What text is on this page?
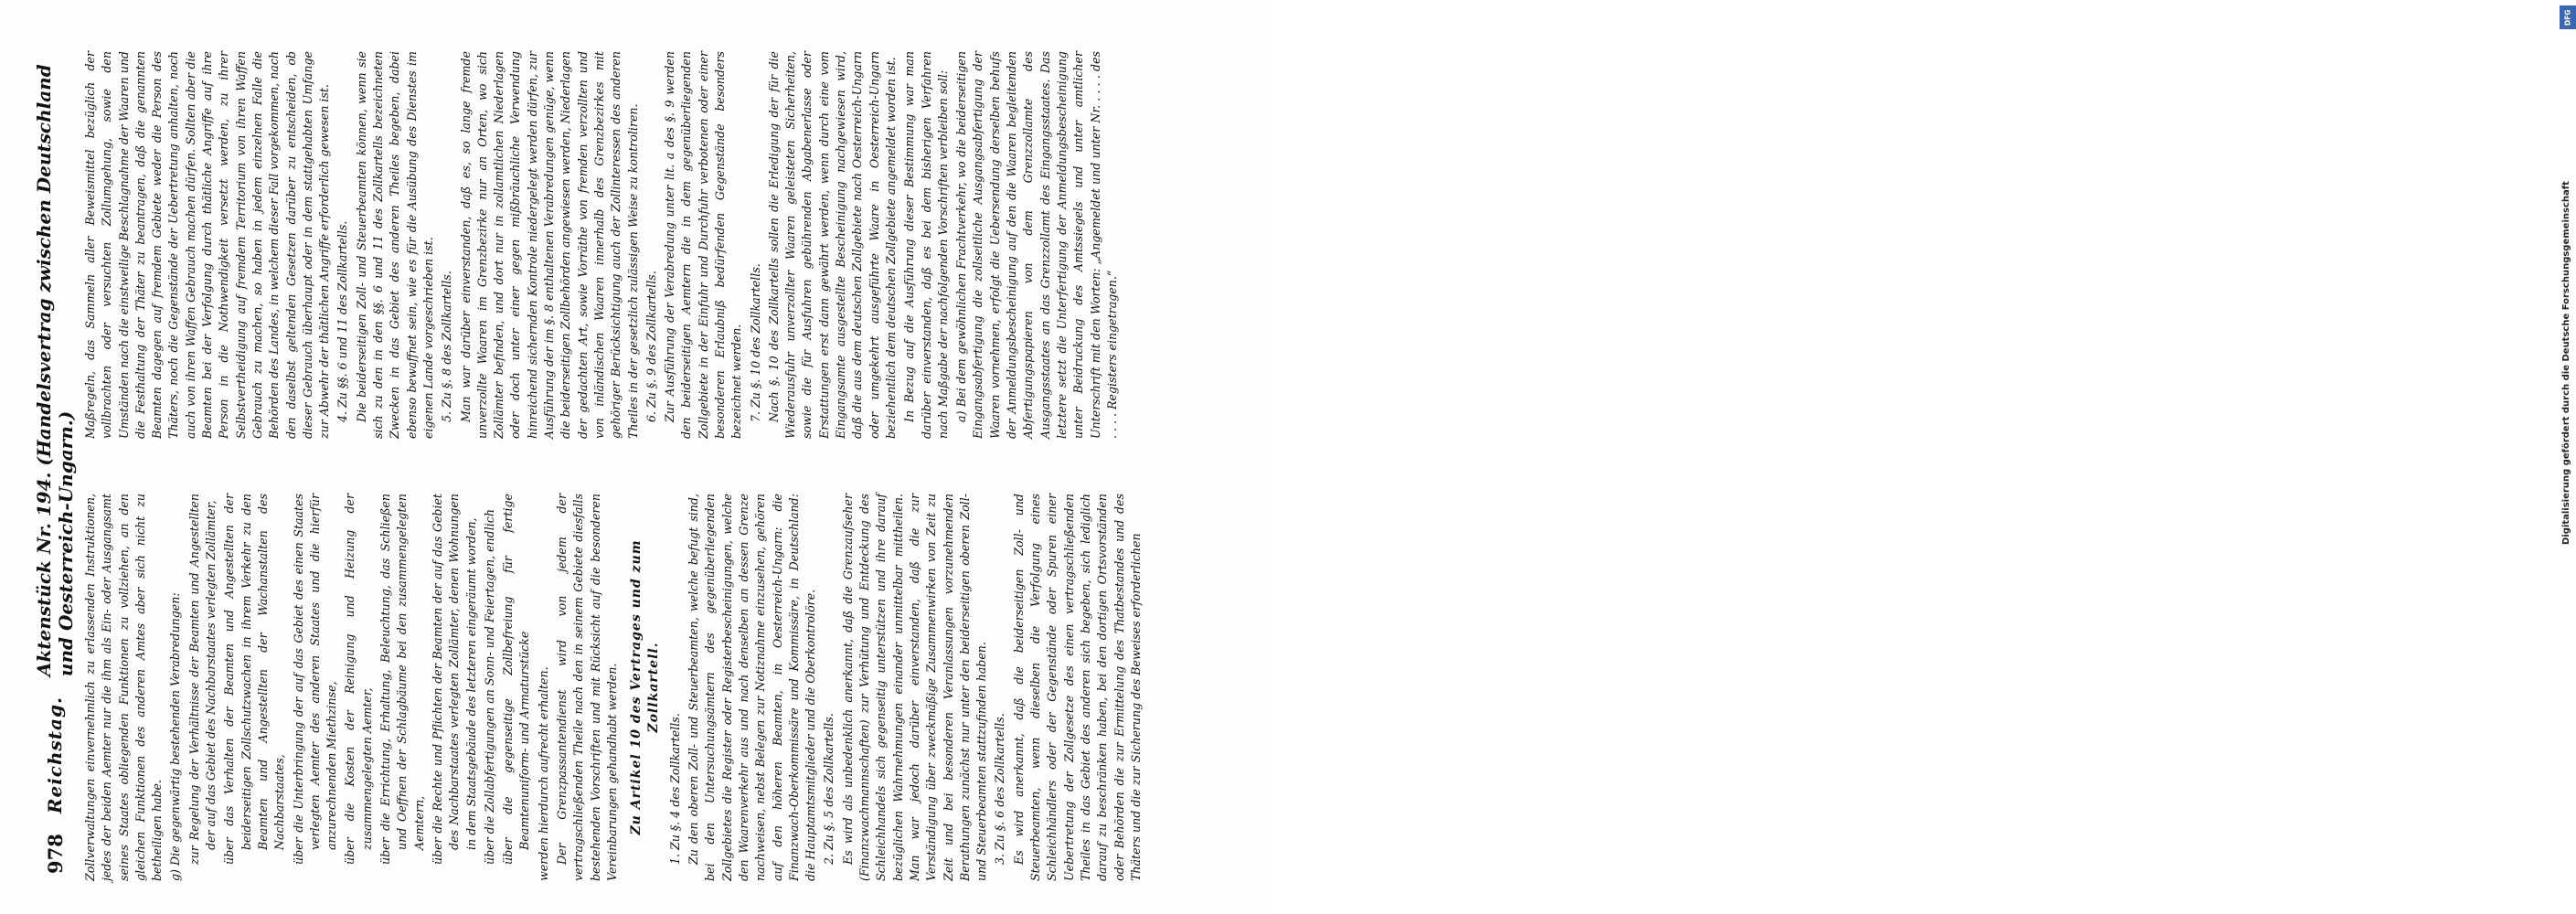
978
Reichstag.
Aktenstück Nr. 194. (Handelsvertrag zwischen Deutschland und Oesterreich-Ungarn.) Zollverwaltungen einvernehmlich zu erlassenden Instruktionen, jedes der beiden Aemter nur die ihm als Ein- oder Ausgangsamt seines Staates obliegenden Funktionen zu vollziehen, an den gleichen Funktionen des anderen Amtes aber sich nicht zu betheiligen habe. g) Die gegenwärtig bestehenden Verabredungen: zur Regelung der Verhältnisse der Beamten und Angestellten der auf das Gebiet des Nachbarstaates verlegten Zollämter, über das Verhalten der Beamten und Angestellten der beiderseitigen Zollschutzwachen in ihrem Verkehr zu den Beamten und Angestellten der Wachanstalten des Nachbarstaates, über die Unterbringung der auf das Gebiet des einen Staates verlegten Aemter des anderen Staates und die hierfür anzurechnenden Miethzinse, über die Kosten der Reinigung und Heizung der zusammengelegten Aemter, über die Errichtung, Erhaltung, Beleuchtung, das Schließen und Oeffnen der Schlagbäume bei den zusammengelegten Aemtern, über die Rechte und Pflichten der Beamten der auf das Gebiet des Nachbarstaates verlegten Zollämter, denen Wohnungen in dem Staatsgebäude des letzteren eingeräumt worden, über die Zollabfertigungen an Sonn- und Feiertagen, endlich über die gegenseitige Zollbefreiung für fertige Beamtenuniform- und Armaturstücke werden hierdurch aufrecht erhalten. Der Grenzpassantendienst wird von jedem der vertragschließenden Theile nach den in seinem Gebiete diesfalls bestehenden Vorschriften und mit Rücksicht auf die besonderen Vereinbarungen gehandhabt werden. Zu Artikel 10 des Vertrages und zum Zollkartell.

1. Zu §. 4 des Zollkartells. Zu den oberen Zoll- und Steuerbeamten, welche befugt sind, bei den Untersuchungsämtern des gegenüberliegenden Zollgebietes die Register oder Registerbescheinigungen, welche den Waarenverkehr aus und nach denselben an dessen Grenze nachweisen, nebst Belegen zur Notiznahme einzusehen, gehören auf den höheren Beamten, in Oesterreich-Ungarn: die Finanzwach-Oberkommissäre und Kommissäre, in Deutschland: die Hauptamtsmitglieder und die Oberkontrolöre. 2. Zu §. 5 des Zollkartells. Es wird als unbedenklich anerkannt, daß die Grenzaufseher (Finanzwachmannschaften) zur Verhütung und Entdeckung des Schleichhandels sich gegenseitig unterstützen und ihre darauf bezüglichen Wahrnehmungen einander unmittelbar mittheilen. Man war jedoch darüber einverstanden, daß die zur Verständigung über zweckmäßige Zusammenwirken von Zeit zu Zeit und bei besonderen Veranlassungen vorzunehmenden Berathungen zunächst nur unter den beiderseitigen oberen Zoll- und Steuerbeamten stattzufinden haben. 3. Zu §. 6 des Zollkartells. Es wird anerkannt, daß die beiderseitigen Zoll- und Steuerbeamten, wenn dieselben die Verfolgung eines Schleichhändlers oder der Gegenstände oder Spuren einer Uebertretung der Zollgesetze des einen vertragschließenden Theiles in das Gebiet des anderen sich begeben, sich lediglich darauf zu beschränken haben, bei den dortigen Ortsvorständen oder Behörden die zur Ermittelung des Thatbestandes und des Thäters und die zur Sicherung des Beweises erforderlichen

Maßregeln, das Sammeln aller Beweismittel bezüglich der vollbrachten oder versuchten Zollumgehung, sowie den Umständen nach die einstweilige Beschlagnahme der Waaren und die Festhaltung der Thäter zu beantragen, daß die genannten Beamten dagegen auf fremdem Gebiete weder die Person des Thäters, noch die Gegenstände der Uebertretung anhalten, noch auch von ihren Waffen Gebrauch machen dürfen. Sollten aber die Beamten bei der Verfolgung durch thätliche Angriffe auf ihre Person in die Nothwendigkeit versetzt werden, zu ihrer Selbstvertheidigung auf fremdem Territorium von ihren Waffen Gebrauch zu machen, so haben in jedem einzelnen Falle die Behörden des Landes, in welchem dieser Fall vorgekommen, nach den daselbst geltenden Gesetzen darüber zu entscheiden, ob dieser Gebrauch überhaupt oder in dem stattgehabten Umfange zur Abwehr der thätlichen Angriffe erforderlich gewesen ist. 4. Zu §§. 6 und 11 des Zollkartells. Die beiderseitigen Zoll- und Steuerbeamten können, wenn sie sich zu den in den §§. 6 und 11 des Zollkartells bezeichneten Zwecken in das Gebiet des anderen Theiles begeben, dabei ebenso bewaffnet sein, wie es für die Ausübung des Dienstes im eigenen Lande vorgeschrieben ist. 5. Zu §. 8 des Zollkartells. Man war darüber einverstanden, daß es, so lange fremde unverzollte Waaren im Grenzbezirke nur an Orten, wo sich Zollämter befinden, und dort nur in zollamtlichen Niederlagen oder doch unter einer gegen mißbräuchliche Verwendung hinreichend sichernden Kontrole niedergelegt werden dürfen, zur Ausführung der im §. 8 enthaltenen Verabredungen genüge, wenn die beiderseitigen Zollbehörden angewiesen werden, Niederlagen der gedachten Art, sowie Vorräthe von fremden verzollten und von inländischen Waaren innerhalb des Grenzbezirkes mit gehöriger Berücksichtigung auch der Zollinteressen des anderen Theiles in der gesetzlich zulässigen Weise zu kontroliren. 6. Zu §. 9 des Zollkartells. Zur Ausführung der Verabredung unter lit. a des §. 9 werden den beiderseitigen Aemtern die in dem gegenüberliegenden Zollgebiete in der Einfuhr und Durchfuhr verbotenen oder einer besonderen Erlaubniß bedürfenden Gegenstände besonders bezeichnet werden. 7. Zu §. 10 des Zollkartells. Nach §. 10 des Zollkartells sollen die Erledigung der für die Wiederausfuhr unverzollter Waaren geleisteten Sicherheiten, sowie die für Ausfuhren gebührenden Abgabenerlasse oder Erstattungen erst dann gewährt werden, wenn durch eine vom Eingangsamte ausgestellte Bescheinigung nachgewiesen wird, daß die aus dem deutschen Zollgebiete nach Oesterreich-Ungarn oder umgekehrt ausgeführte Waare in Oesterreich-Ungarn beziehentlich dem deutschen Zollgebiete angemeldet worden ist. In Bezug auf die Ausführung dieser Bestimmung war man darüber einverstanden, daß es bei dem bisherigen Verfahren nach Maßgabe der nachfolgenden Vorschriften verbleiben soll: a) Bei dem gewöhnlichen Frachtverkehr, wo die beiderseitigen Eingangsabfertigung die zollseitliche Ausgangsabfertigung der Waaren vornehmen, erfolgt die Uebersendung derselben behufs der Anmeldungsbescheinigung auf den die Waaren begleitenden Abfertigungspapieren von dem Grenzzollamte des Ausgangsstaates an das Grenzzollamt des Eingangsstaates. Das letztere setzt die Unterfertigung der Anmeldungsbescheinigung unter Beidruckung des Amtssiegels und unter amtlicher Unterschrift mit den Worten: „Angemeldet und unter Nr. . . . . des . . . . Registers eingetragen.“

DFG
Digitalisierung gefördert durch die Deutsche Forschungsgemeinschaft
